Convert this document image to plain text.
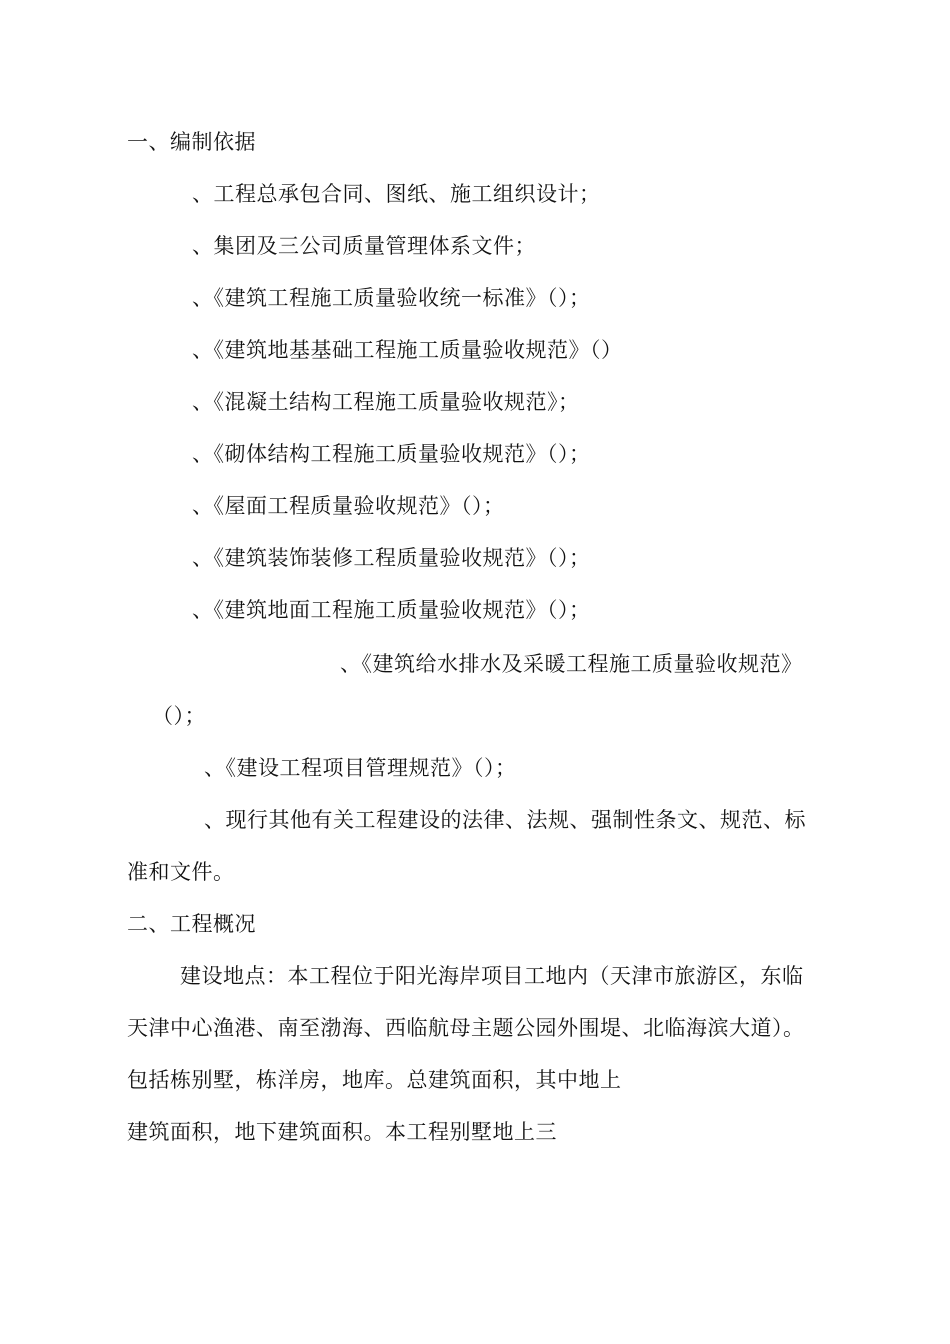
一、编制依据
、工程总承包合同、图纸、施工组织设计；
、集团及三公司质量管理体系文件；
、《建筑工程施工质量验收统一标准》（）；
、《建筑地基基础工程施工质量验收规范》（）
、《混凝土结构工程施工质量验收规范》；
、《砌体结构工程施工质量验收规范》（）；
、《屋面工程质量验收规范》（）；
、《建筑装饰装修工程质量验收规范》（）；
、《建筑地面工程施工质量验收规范》（）；
、《建筑给水排水及采暖工程施工质量验收规范》
（）；
、《建设工程项目管理规范》（）；
、现行其他有关工程建设的法律、法规、强制性条文、规范、标
准和文件。
二、工程概况
建设地点：本工程位于阳光海岸项目工地内（天津市旅游区，东临
天津中心渔港、南至渤海、西临航母主题公园外围堤、北临海滨大道）。
包括栋别墅，栋洋房，地库。总建筑面积，其中地上
建筑面积，地下建筑面积。本工程别墅地上三
